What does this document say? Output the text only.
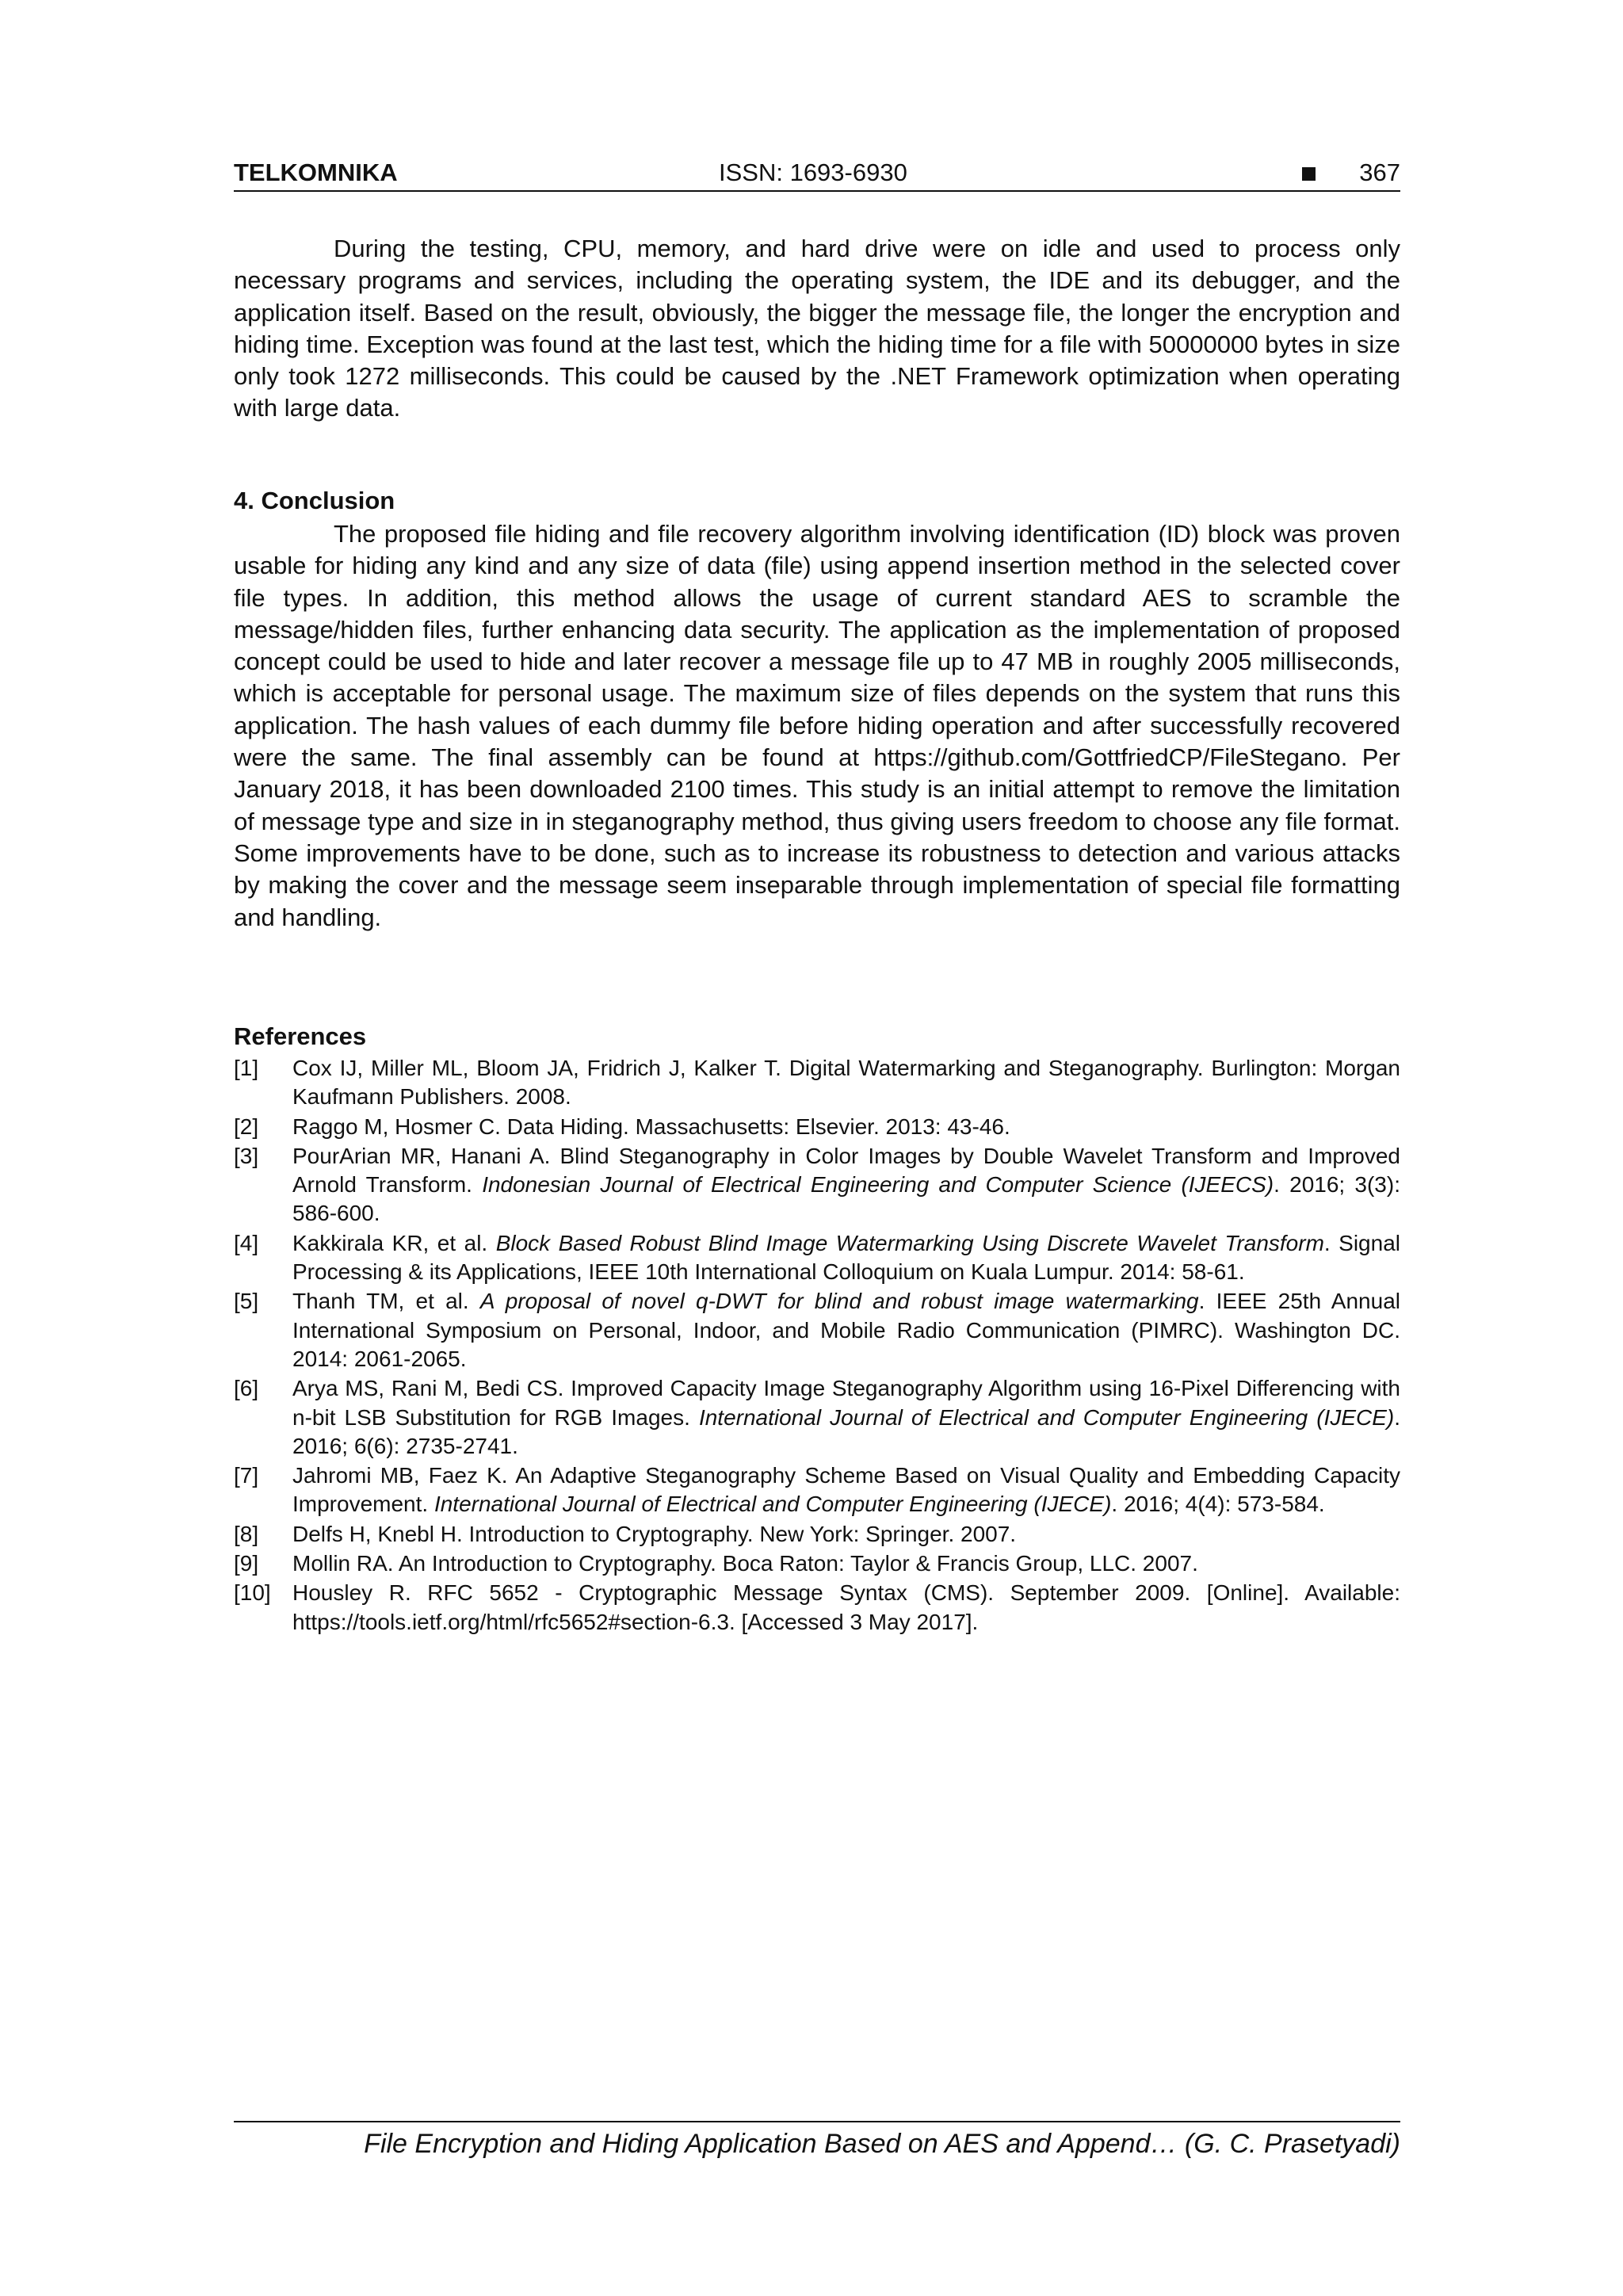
TELKOMNIKA	ISSN: 1693-6930	367

During the testing, CPU, memory, and hard drive were on idle and used to process only necessary programs and services, including the operating system, the IDE and its debugger, and the application itself. Based on the result, obviously, the bigger the message file, the longer the encryption and hiding time. Exception was found at the last test, which the hiding time for a file with 50000000 bytes in size only took 1272 milliseconds. This could be caused by the .NET Framework optimization when operating with large data.

4. Conclusion

The proposed file hiding and file recovery algorithm involving identification (ID) block was proven usable for hiding any kind and any size of data (file) using append insertion method in the selected cover file types. In addition, this method allows the usage of current standard AES to scramble the message/hidden files, further enhancing data security. The application as the implementation of proposed concept could be used to hide and later recover a message file up to 47 MB in roughly 2005 milliseconds, which is acceptable for personal usage. The maximum size of files depends on the system that runs this application. The hash values of each dummy file before hiding operation and after successfully recovered were the same. The final assembly can be found at https://github.com/GottfriedCP/FileStegano. Per January 2018, it has been downloaded 2100 times. This study is an initial attempt to remove the limitation of message type and size in in steganography method, thus giving users freedom to choose any file format. Some improvements have to be done, such as to increase its robustness to detection and various attacks by making the cover and the message seem inseparable through implementation of special file formatting and handling.

References
[1] Cox IJ, Miller ML, Bloom JA, Fridrich J, Kalker T. Digital Watermarking and Steganography. Burlington: Morgan Kaufmann Publishers. 2008.
[2] Raggo M, Hosmer C. Data Hiding. Massachusetts: Elsevier. 2013: 43-46.
[3] PourArian MR, Hanani A. Blind Steganography in Color Images by Double Wavelet Transform and Improved Arnold Transform. Indonesian Journal of Electrical Engineering and Computer Science (IJEECS). 2016; 3(3): 586-600.
[4] Kakkirala KR, et al. Block Based Robust Blind Image Watermarking Using Discrete Wavelet Transform. Signal Processing & its Applications, IEEE 10th International Colloquium on Kuala Lumpur. 2014: 58-61.
[5] Thanh TM, et al. A proposal of novel q-DWT for blind and robust image watermarking. IEEE 25th Annual International Symposium on Personal, Indoor, and Mobile Radio Communication (PIMRC). Washington DC. 2014: 2061-2065.
[6] Arya MS, Rani M, Bedi CS. Improved Capacity Image Steganography Algorithm using 16-Pixel Differencing with n-bit LSB Substitution for RGB Images. International Journal of Electrical and Computer Engineering (IJECE). 2016; 6(6): 2735-2741.
[7] Jahromi MB, Faez K. An Adaptive Steganography Scheme Based on Visual Quality and Embedding Capacity Improvement. International Journal of Electrical and Computer Engineering (IJECE). 2016; 4(4): 573-584.
[8] Delfs H, Knebl H. Introduction to Cryptography. New York: Springer. 2007.
[9] Mollin RA. An Introduction to Cryptography. Boca Raton: Taylor & Francis Group, LLC. 2007.
[10] Housley R. RFC 5652 - Cryptographic Message Syntax (CMS). September 2009. [Online]. Available: https://tools.ietf.org/html/rfc5652#section-6.3. [Accessed 3 May 2017].
File Encryption and Hiding Application Based on AES and Append… (G. C. Prasetyadi)
